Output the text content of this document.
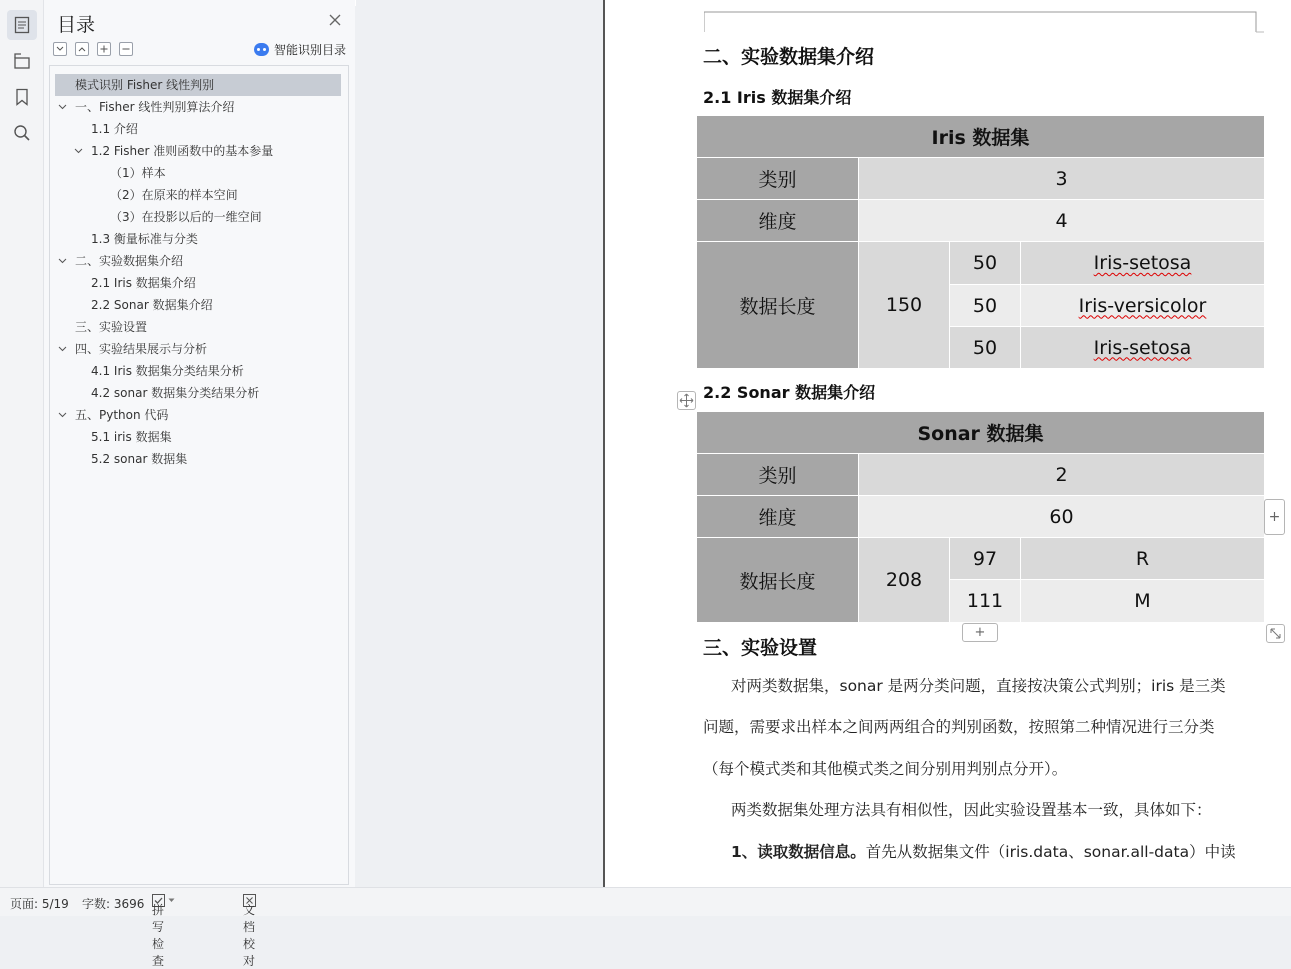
目录
智能识别目录
模式识别 Fisher 线性判别
一、Fisher 线性判别算法介绍
1.1 介绍
1.2 Fisher 准则函数中的基本参量
（1）样本
（2）在原来的样本空间
（3）在投影以后的一维空间
1.3 衡量标准与分类
二、实验数据集介绍
2.1 Iris 数据集介绍
2.2 Sonar 数据集介绍
三、实验设置
四、实验结果展示与分析
4.1 Iris 数据集分类结果分析
4.2 sonar 数据集分类结果分析
五、Python 代码
5.1 iris 数据集
5.2 sonar 数据集
二、实验数据集介绍
2.1 Iris 数据集介绍
Iris 数据集
类别	3
维度	4
数据长度	150
50	Iris-setosa
50	Iris-versicolor
50	Iris-setosa
2.2 Sonar 数据集介绍
Sonar 数据集
类别	2
维度	60
数据长度	208
97	R
111	M
+
+
三、实验设置
对两类数据集，sonar 是两分类问题，直接按决策公式判别；iris 是三类
问题，需要求出样本之间两两组合的判别函数，按照第二种情况进行三分类
（每个模式类和其他模式类之间分别用判别点分开）。
两类数据集处理方法具有相似性，因此实验设置基本一致，具体如下：
1、读取数据信息。首先从数据集文件（iris.data、sonar.all-data）中读
页面: 5/19 字数: 3696 拼写检查
文档校对
